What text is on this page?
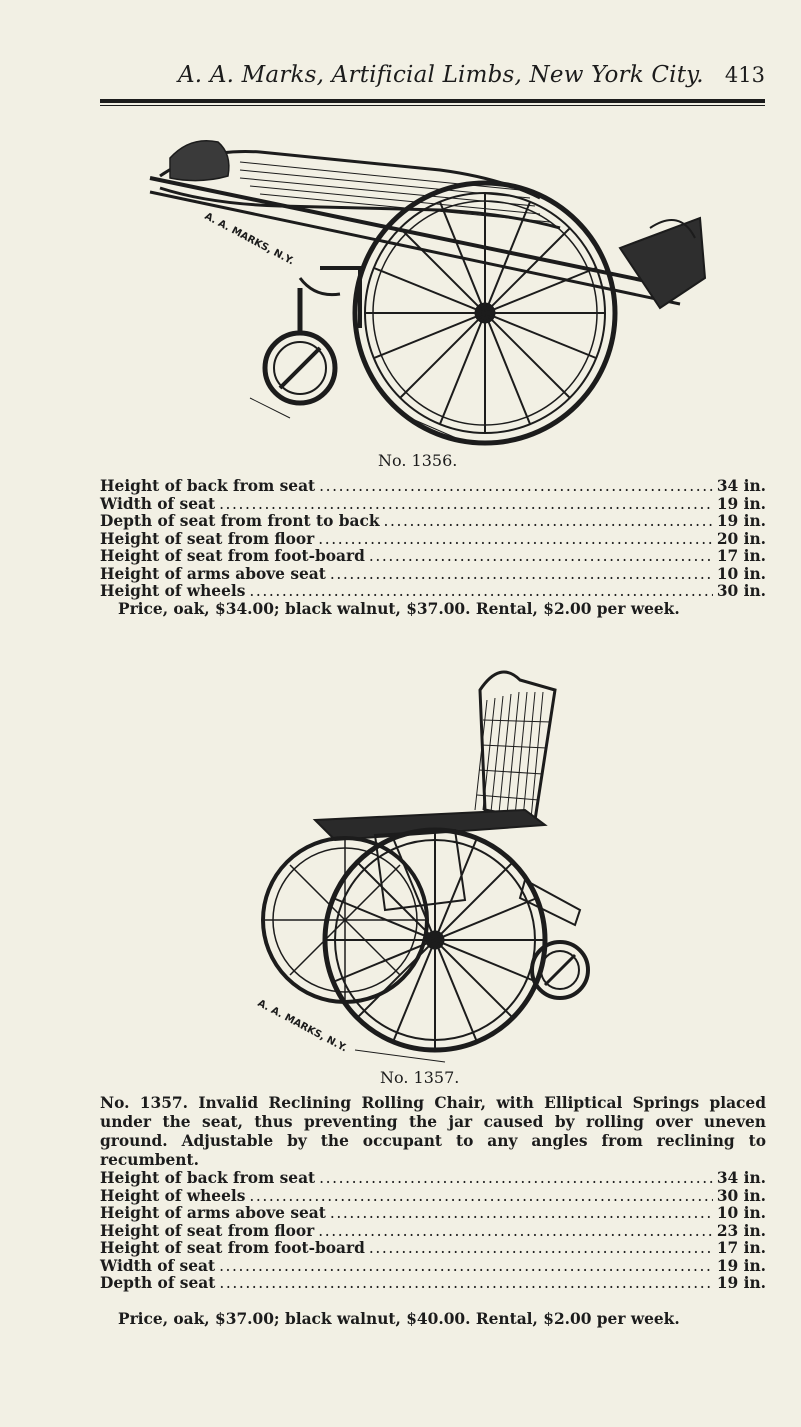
A. A. Marks, Artificial Limbs, New York City. 413
A. A. MARKS, N.Y.
No. 1356.
Height of back from seat .....	34 in.
Width of seat .....	19 in.
Depth of seat from front to back .....	19 in.
Height of seat from floor .....	20 in.
Height of seat from foot-board .....	17 in.
Height of arms above seat .....	10 in.
Height of wheels .....	30 in.
Price, oak, $34.00; black walnut, $37.00. Rental, $2.00 per week.
A. A. MARKS, N.Y.
No. 1357.
No. 1357. Invalid Reclining Rolling Chair, with Elliptical Springs placed under the seat, thus preventing the jar caused by rolling over uneven ground. Adjustable by the occupant to any angles from reclining to recumbent.
Height of back from seat .....	34 in.
Height of wheels .....	30 in.
Height of arms above seat .....	10 in.
Height of seat from floor .....	23 in.
Height of seat from foot-board .....	17 in.
Width of seat .....	19 in.
Depth of seat .....	19 in.
Price, oak, $37.00; black walnut, $40.00. Rental, $2.00 per week.
